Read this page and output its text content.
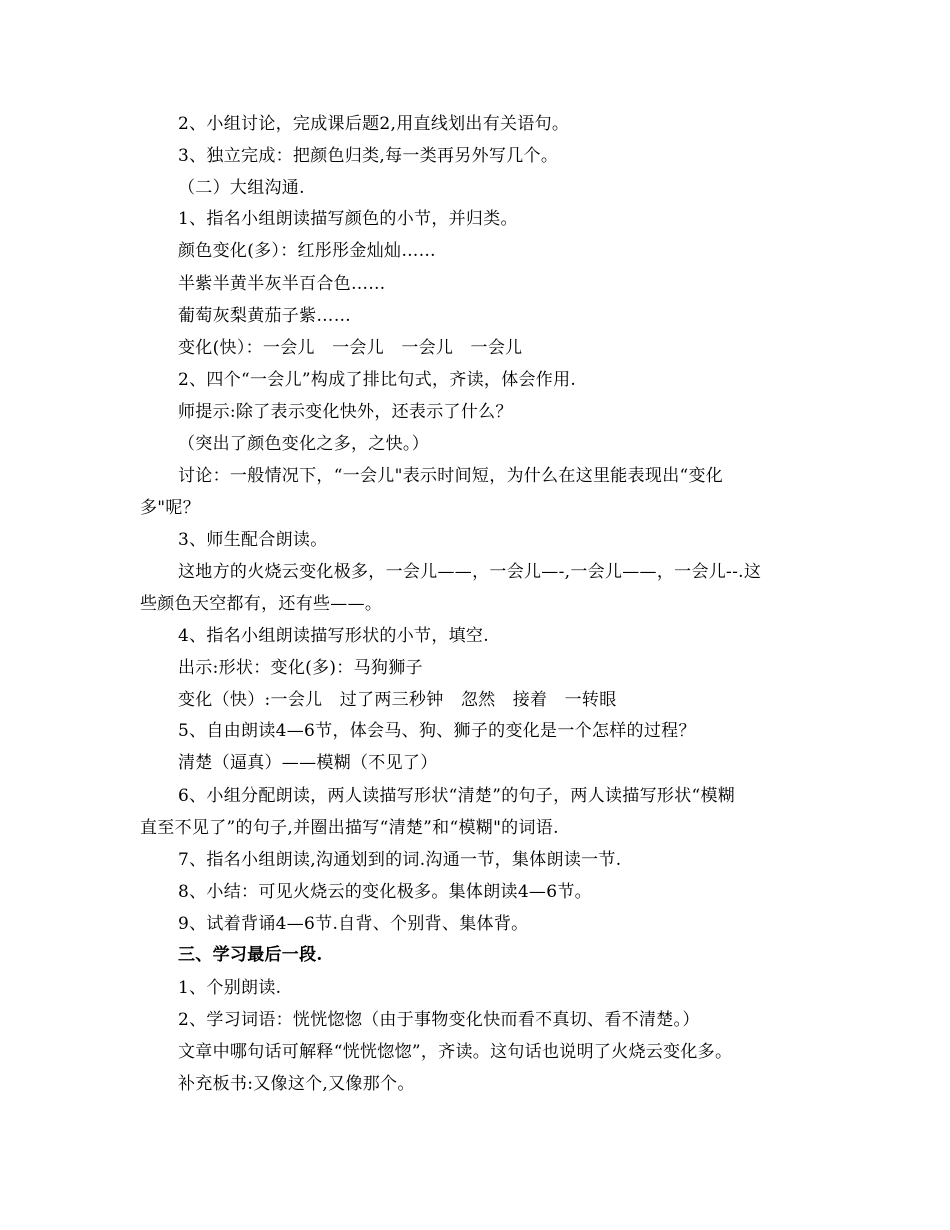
2、小组讨论，完成课后题2,用直线划出有关语句。
3、独立完成：把颜色归类,每一类再另外写几个。
（二）大组沟通.
1、指名小组朗读描写颜色的小节，并归类。
颜色变化(多）：红彤彤金灿灿……
半紫半黄半灰半百合色……
葡萄灰梨黄茄子紫……
变化(快）：一会儿　一会儿　一会儿　一会儿
2、四个“一会儿”构成了排比句式，齐读，体会作用.
师提示:除了表示变化快外，还表示了什么？
（突出了颜色变化之多，之快。）
讨论：一般情况下，“一会儿"表示时间短，为什么在这里能表现出“变化
多"呢？
3、师生配合朗读。
这地方的火烧云变化极多，一会儿——，一会儿—-,一会儿——，一会儿--.这
些颜色天空都有，还有些——。
4、指名小组朗读描写形状的小节，填空.
出示:形状：变化(多)：马狗狮子
变化（快）:一会儿　过了两三秒钟　忽然　接着　一转眼
5、自由朗读4—6节，体会马、狗、狮子的变化是一个怎样的过程？
清楚（逼真）——模糊（不见了）
6、小组分配朗读，两人读描写形状“清楚”的句子，两人读描写形状“模糊
直至不见了”的句子,并圈出描写“清楚”和“模糊"的词语.
7、指名小组朗读,沟通划到的词.沟通一节，集体朗读一节.
8、小结：可见火烧云的变化极多。集体朗读4—6节。
9、试着背诵4—6节.自背、个别背、集体背。
三、学习最后一段.
1、个别朗读.
2、学习词语：恍恍惚惚（由于事物变化快而看不真切、看不清楚。）
文章中哪句话可解释“恍恍惚惚”，齐读。这句话也说明了火烧云变化多。
补充板书:又像这个,又像那个。
